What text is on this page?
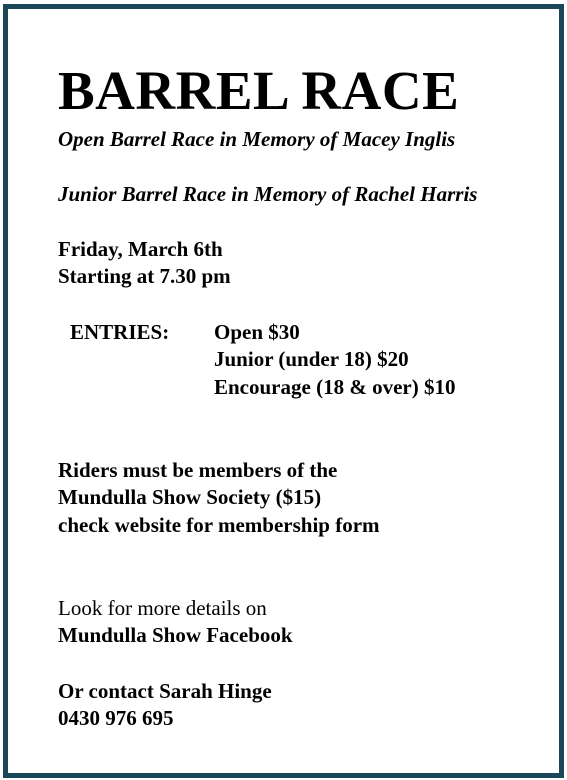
BARREL RACE
Open Barrel Race in Memory of Macey Inglis
Junior Barrel Race in Memory of Rachel Harris
Friday, March 6th
Starting at 7.30 pm
ENTRIES: Open $30
Junior (under 18) $20
Encourage (18 & over) $10
Riders must be members of the
Mundulla Show Society ($15)
check website for membership form
Look for more details on
Mundulla Show Facebook
Or contact Sarah Hinge
0430 976 695
